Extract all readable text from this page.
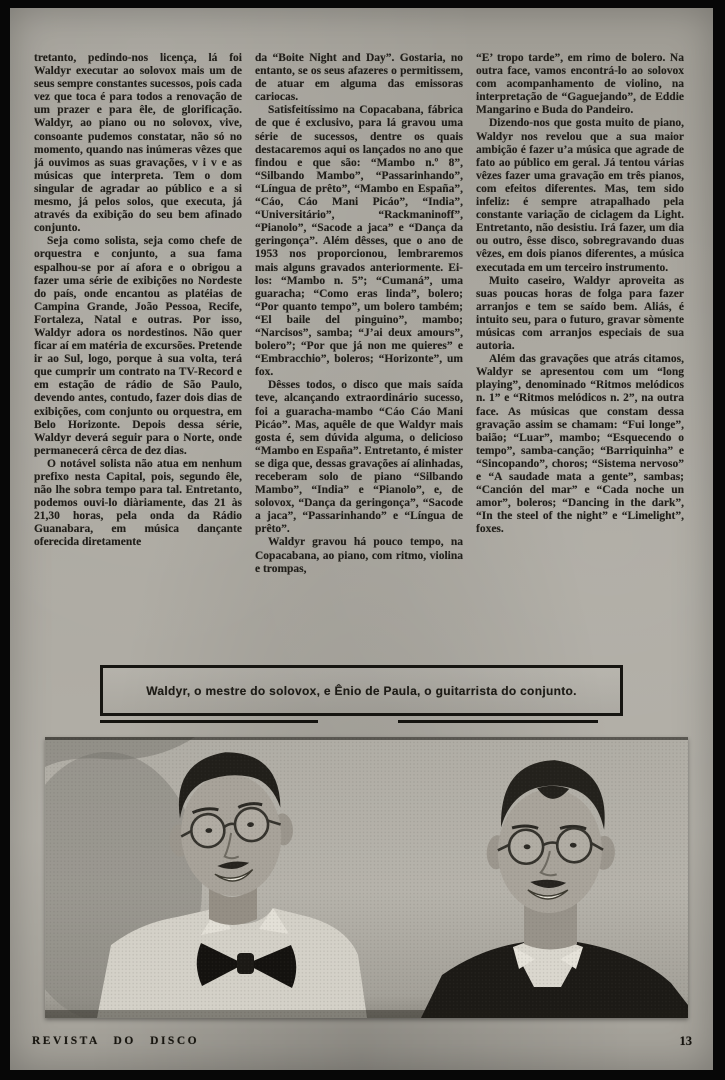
tretanto, pedindo-nos licença, lá foi Waldyr executar ao solovox mais um de seus sempre constantes sucessos, pois cada vez que toca é para todos a renovação de um prazer e para êle, de glorificação. Waldyr, ao piano ou no solovox, vive, consoante pudemos constatar, não só no momento, quando nas inúmeras vêzes que já ouvimos as suas gravações, v i v e as músicas que interpreta. Tem o dom singular de agradar ao público e a si mesmo, já pelos solos, que executa, já através da exibição do seu bem afinado conjunto.

Seja como solista, seja como chefe de orquestra e conjunto, a sua fama espalhou-se por aí afora e o obrigou a fazer uma série de exibições no Nordeste do país, onde encantou as platéias de Campina Grande, João Pessoa, Recife, Fortaleza, Natal e outras. Por isso, Waldyr adora os nordestinos. Não quer ficar aí em matéria de excursões. Pretende ir ao Sul, logo, porque à sua volta, terá que cumprir um contrato na TV-Record e em estação de rádio de São Paulo, devendo antes, contudo, fazer dois dias de exibições, com conjunto ou orquestra, em Belo Horizonte. Depois dessa série, Waldyr deverá seguir para o Norte, onde permanecerá cêrca de dez dias.

O notável solista não atua em nenhum prefixo nesta Capital, pois, segundo êle, não lhe sobra tempo para tal. Entretanto, podemos ouvi-lo diàriamente, das 21 às 21,30 horas, pela onda da Rádio Guanabara, em música dançante oferecida diretamente

da “Boite Night and Day”. Gostaria, no entanto, se os seus afazeres o permitissem, de atuar em alguma das emissoras cariocas.

Satisfeitíssimo na Copacabana, fábrica de que é exclusivo, para lá gravou uma série de sucessos, dentre os quais destacaremos aqui os lançados no ano que findou e que são: “Mambo n.º 8”, “Silbando Mambo”, “Passarinhando”, “Língua de prêto”, “Mambo en España”, “Cáo, Cáo Mani Picáo”, “India”, “Universitário”, “Rackmaninoff”, “Pianolo”, “Sacode a jaca” e “Dança da geringonça”. Além dêsses, que o ano de 1953 nos proporcionou, lembraremos mais alguns gravados anteriormente. Ei-los: “Mambo n. 5”; “Cumaná”, uma guaracha; “Como eras linda”, bolero; “Por quanto tempo”, um bolero também; “El baile del pinguino”, mambo; “Narcisos”, samba; “J’ai deux amours”, bolero”; “Por que já non me quieres” e “Embracchio”, boleros; “Horizonte”, um fox.

Dêsses todos, o disco que mais saída teve, alcançando extraordinário sucesso, foi a guaracha-mambo “Cáo Cáo Mani Picáo”. Mas, aquêle de que Waldyr mais gosta é, sem dúvida alguma, o delicioso “Mambo en España”. Entretanto, é mister se diga que, dessas gravações aí alinhadas, receberam solo de piano “Silbando Mambo”, “India” e “Pianolo”, e, de solovox, “Dança da geringonça”, “Sacode a jaca”, “Passarinhando” e “Língua de prêto”.

Waldyr gravou há pouco tempo, na Copacabana, ao piano, com ritmo, violina e trompas,

“E’ tropo tarde”, em rimo de bolero. Na outra face, vamos encontrá-lo ao solovox com acompanhamento de violino, na interpretação de “Gaguejando”, de Eddie Mangarino e Buda do Pandeiro.

Dizendo-nos que gosta muito de piano, Waldyr nos revelou que a sua maior ambição é fazer u’a música que agrade de fato ao público em geral. Já tentou várias vêzes fazer uma gravação em três pianos, com efeitos diferentes. Mas, tem sido infeliz: é sempre atrapalhado pela constante variação de ciclagem da Light. Entretanto, não desistiu. Irá fazer, um dia ou outro, êsse disco, sobregravando duas vêzes, em dois pianos diferentes, a música executada em um terceiro instrumento.

Muito caseiro, Waldyr aproveita as suas poucas horas de folga para fazer arranjos e tem se saído bem. Aliás, é intuito seu, para o futuro, gravar sòmente músicas com arranjos especiais de sua autoria.

Além das gravações que atrás citamos, Waldyr se apresentou com um “long playing”, denominado “Ritmos melódicos n. 1” e “Ritmos melódicos n. 2”, na outra face. As músicas que constam dessa gravação assim se chamam: “Fui longe”, baião; “Luar”, mambo; “Esquecendo o tempo”, samba-canção; “Barriquinha” e “Sincopando”, choros; “Sistema nervoso” e “A saudade mata a gente”, sambas; “Canción del mar” e “Cada noche un amor”, boleros; “Dancing in the dark”, “In the steel of the night” e “Limelight”, foxes.

Waldyr, o mestre do solovox, e Ênio de Paula, o guitarrista do conjunto.
REVISTA DO DISCO	13
